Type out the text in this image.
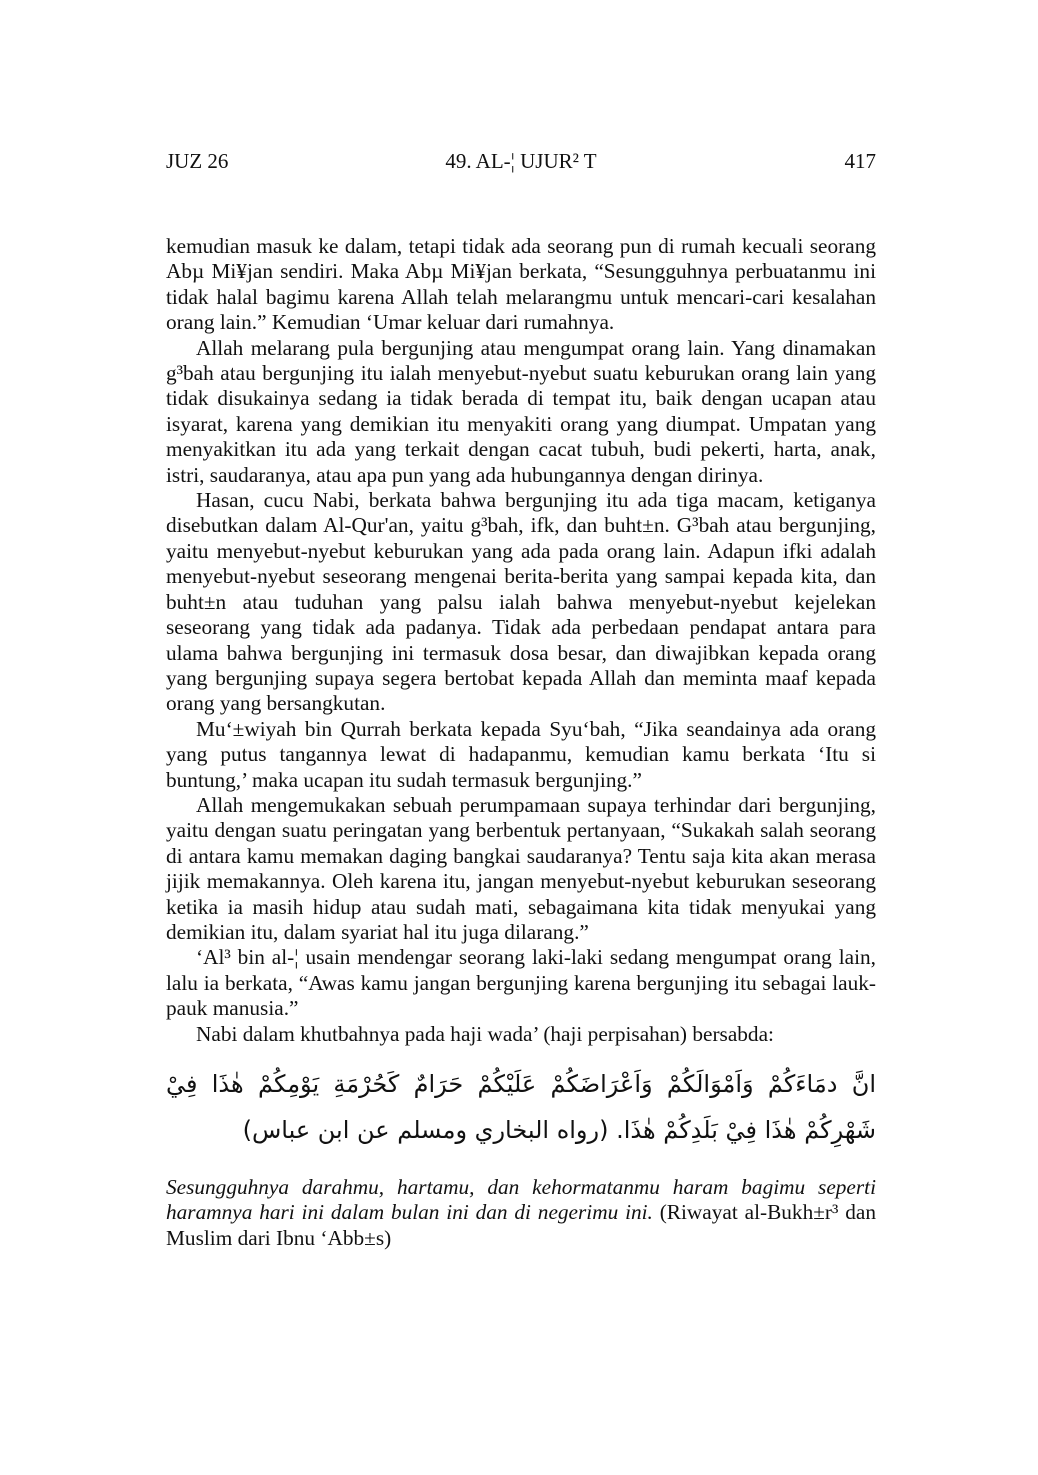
JUZ 26	49. AL-¦ UJUR² T	417

kemudian masuk ke dalam, tetapi tidak ada seorang pun di rumah kecuali seorang Abµ Mi¥jan sendiri. Maka Abµ Mi¥jan berkata, “Sesungguhnya perbuatanmu ini tidak halal bagimu karena Allah telah melarangmu untuk mencari-cari kesalahan orang lain.” Kemudian ‘Umar keluar dari rumahnya.

Allah melarang pula bergunjing atau mengumpat orang lain. Yang dinamakan g³bah atau bergunjing itu ialah menyebut-nyebut suatu keburukan orang lain yang tidak disukainya sedang ia tidak berada di tempat itu, baik dengan ucapan atau isyarat, karena yang demikian itu menyakiti orang yang diumpat. Umpatan yang menyakitkan itu ada yang terkait dengan cacat tubuh, budi pekerti, harta, anak, istri, saudaranya, atau apa pun yang ada hubungannya dengan dirinya.

Hasan, cucu Nabi, berkata bahwa bergunjing itu ada tiga macam, ketiganya disebutkan dalam Al-Qur'an, yaitu g³bah, ifk, dan buht±n. G³bah atau bergunjing, yaitu menyebut-nyebut keburukan yang ada pada orang lain. Adapun ifki adalah menyebut-nyebut seseorang mengenai berita-berita yang sampai kepada kita, dan buht±n atau tuduhan yang palsu ialah bahwa menyebut-nyebut kejelekan seseorang yang tidak ada padanya. Tidak ada perbedaan pendapat antara para ulama bahwa bergunjing ini termasuk dosa besar, dan diwajibkan kepada orang yang bergunjing supaya segera bertobat kepada Allah dan meminta maaf kepada orang yang bersangkutan.

Mu‘±wiyah bin Qurrah berkata kepada Syu‘bah, “Jika seandainya ada orang yang putus tangannya lewat di hadapanmu, kemudian kamu berkata ‘Itu si buntung,’ maka ucapan itu sudah termasuk bergunjing.”

Allah mengemukakan sebuah perumpamaan supaya terhindar dari bergunjing, yaitu dengan suatu peringatan yang berbentuk pertanyaan, “Sukakah salah seorang di antara kamu memakan daging bangkai saudaranya? Tentu saja kita akan merasa jijik memakannya. Oleh karena itu, jangan menyebut-nyebut keburukan seseorang ketika ia masih hidup atau sudah mati, sebagaimana kita tidak menyukai yang demikian itu, dalam syariat hal itu juga dilarang.”

‘Al³ bin al-¦ usain mendengar seorang laki-laki sedang mengumpat orang lain, lalu ia berkata, “Awas kamu jangan bergunjing karena bergunjing itu sebagai lauk-pauk manusia.”

Nabi dalam khutbahnya pada haji wada’ (haji perpisahan) bersabda:

انَّ دمَاءَكُمْ وَاَمْوَالَكُمْ وَاَعْرَاضَكُمْ عَلَيْكُمْ حَرَامٌ كَحُرْمَةِ يَوْمِكُمْ هٰذَا فِيْ شَهْرِكُمْ هٰذَا فِيْ بَلَدِكُمْ هٰذَا. (رواه البخاري ومسلم عن ابن عباس)
Sesungguhnya darahmu, hartamu, dan kehormatanmu haram bagimu seperti haramnya hari ini dalam bulan ini dan di negerimu ini. (Riwayat al-Bukh±r³ dan Muslim dari Ibnu ‘Abb±s)
